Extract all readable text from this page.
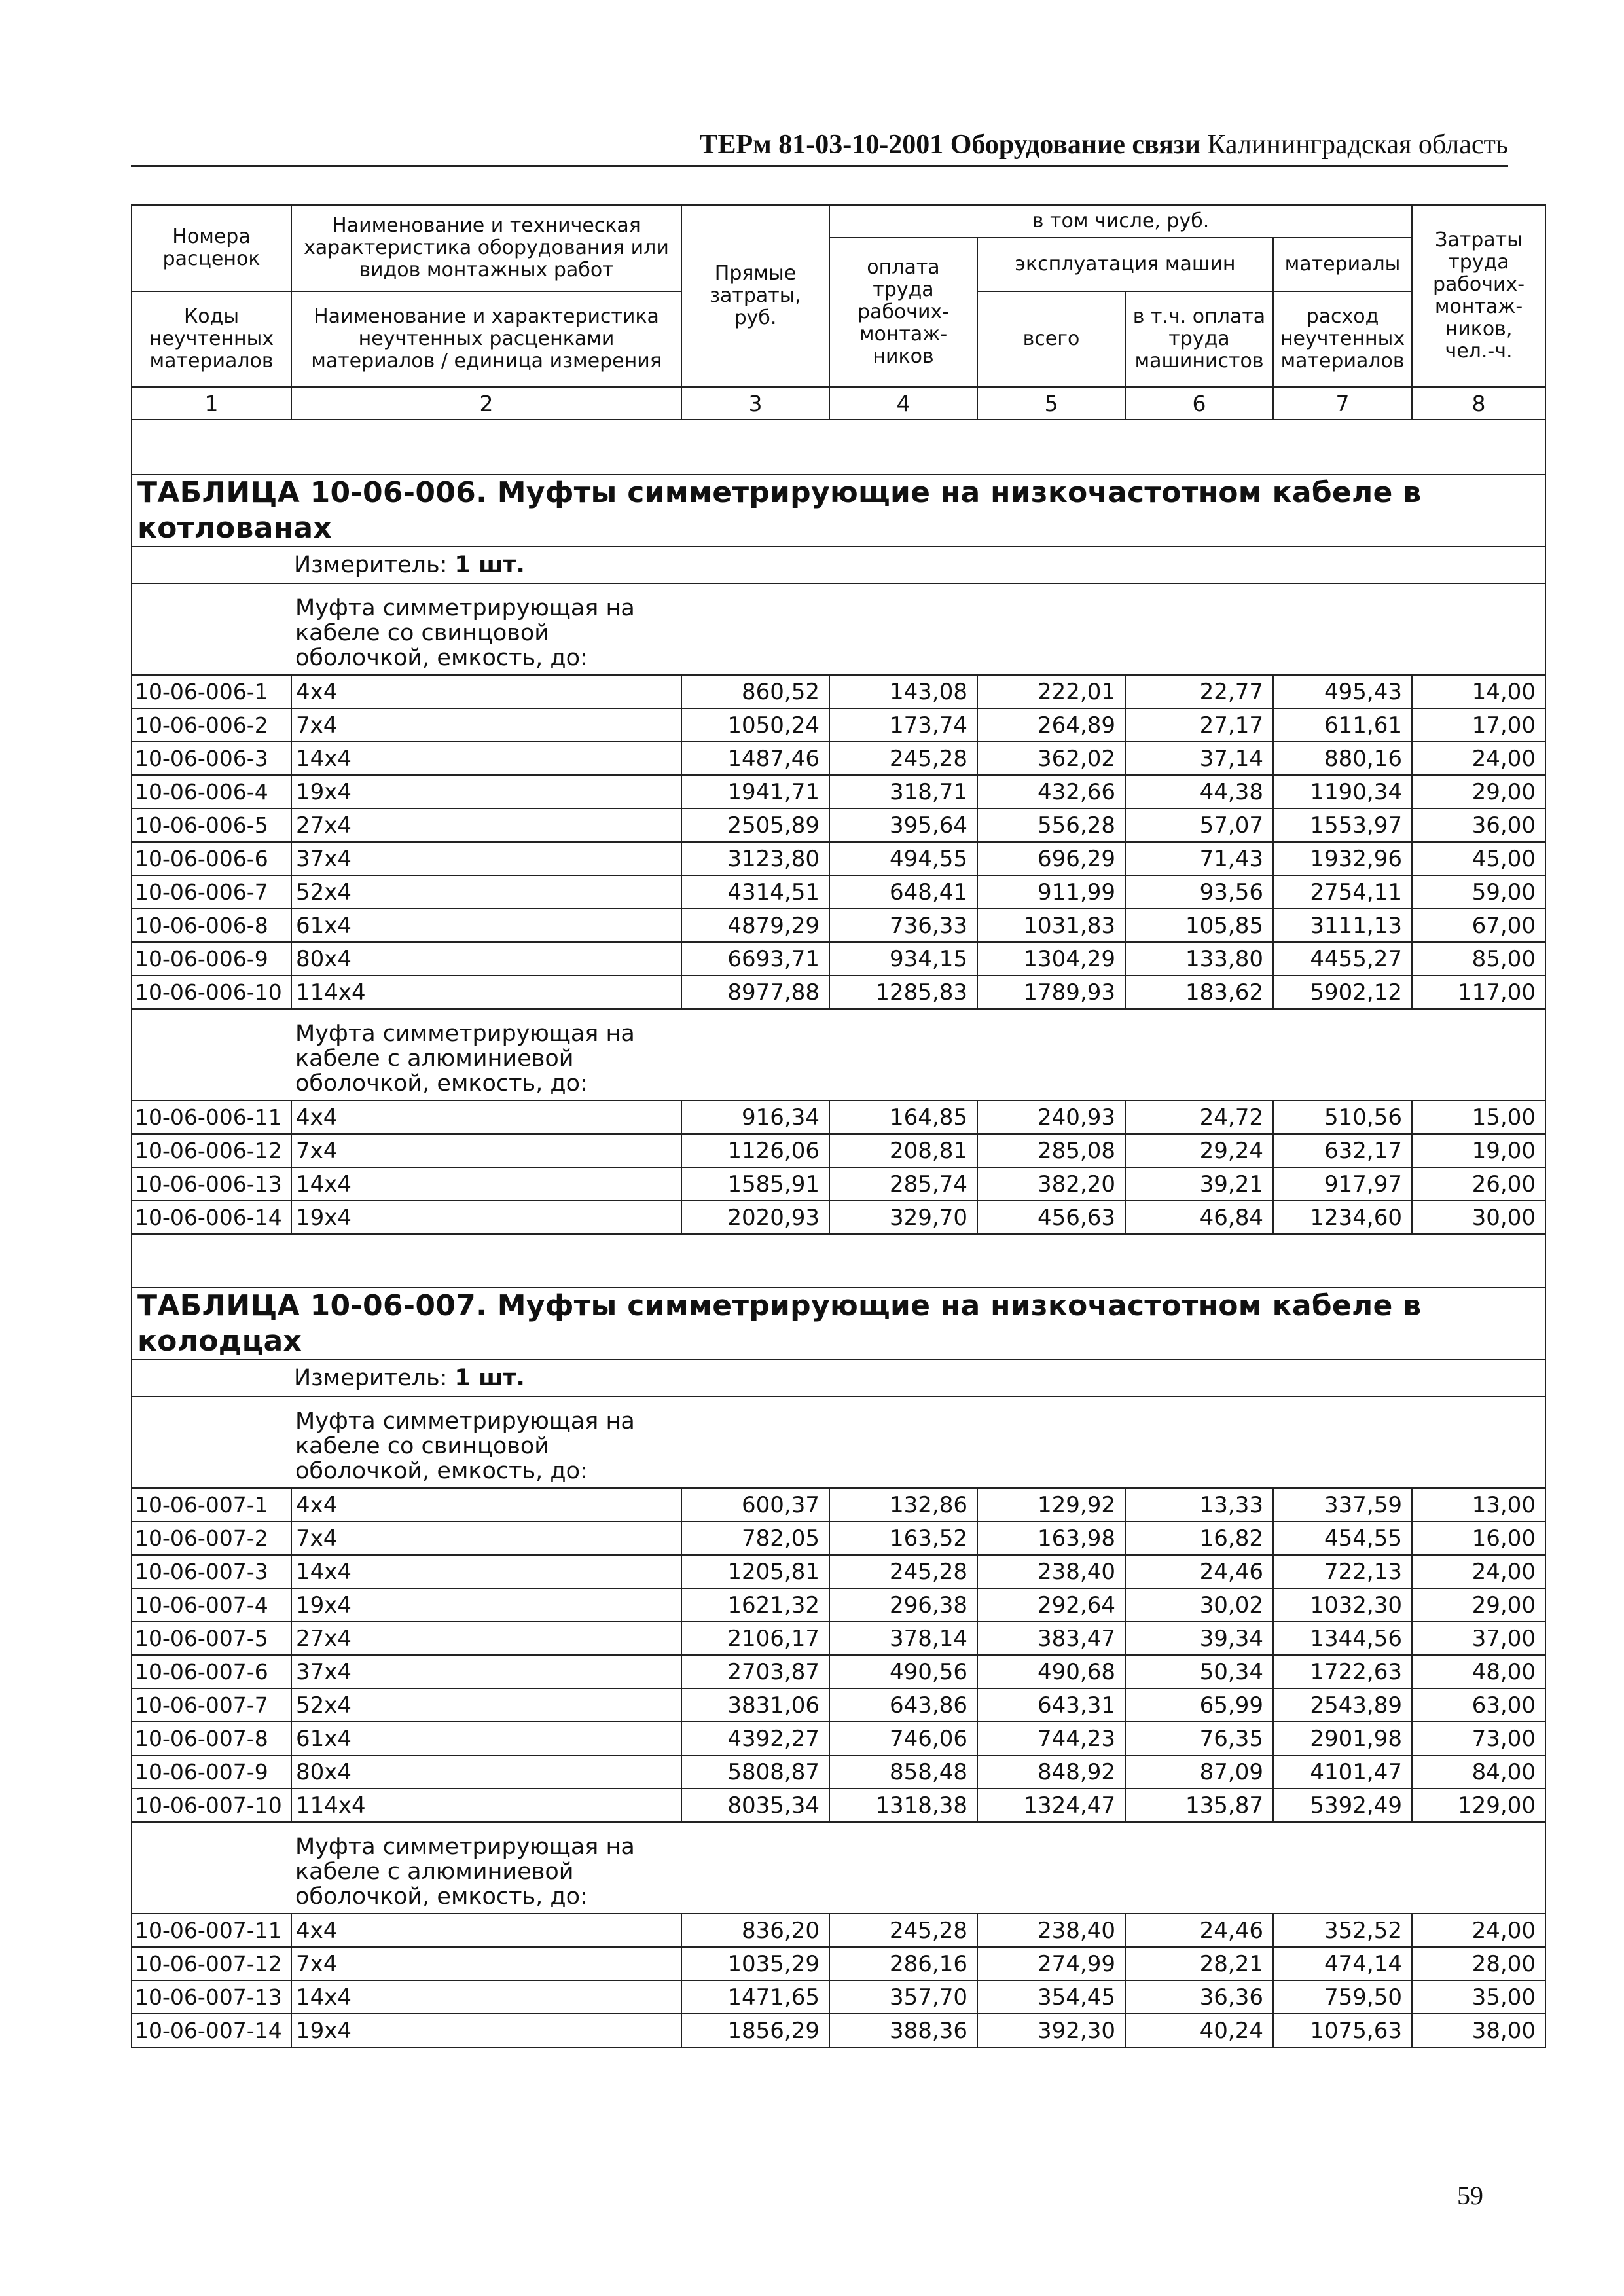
ТЕРм 81-03-10-2001 Оборудование связи Калининградская область
Номера расценок	Наименование и техническая характеристика оборудования или видов монтажных работ	Прямые затраты, руб.	в том числе, руб.				Затраты труда рабочих-монтаж-ников, чел.-ч.
			оплата труда рабочих-монтаж-ников	эксплуатация машин		материалы	
Коды неучтенных материалов	Наименование и характеристика неучтенных расценками материалов / единица измерения			всего	в т.ч. оплата труда машинистов	расход неучтенных материалов	

1	2	3	4	5	6	7	8

ТАБЛИЦА 10-06-006. Муфты симметрирующие на низкочастотном кабеле в котлованах							

	Измеритель: 1 шт.						

	Муфта симметрирующая на кабеле со свинцовой оболочкой, емкость, до:						

10-06-006-1	4x4	860,52	143,08	222,01	22,77	495,43	14,00
10-06-006-2	7x4	1050,24	173,74	264,89	27,17	611,61	17,00
10-06-006-3	14x4	1487,46	245,28	362,02	37,14	880,16	24,00
10-06-006-4	19x4	1941,71	318,71	432,66	44,38	1190,34	29,00
10-06-006-5	27x4	2505,89	395,64	556,28	57,07	1553,97	36,00
10-06-006-6	37x4	3123,80	494,55	696,29	71,43	1932,96	45,00
10-06-006-7	52x4	4314,51	648,41	911,99	93,56	2754,11	59,00
10-06-006-8	61x4	4879,29	736,33	1031,83	105,85	3111,13	67,00
10-06-006-9	80x4	6693,71	934,15	1304,29	133,80	4455,27	85,00
10-06-006-10	114x4	8977,88	1285,83	1789,93	183,62	5902,12	117,00

	Муфта симметрирующая на кабеле с алюминиевой оболочкой, емкость, до:						

10-06-006-11	4x4	916,34	164,85	240,93	24,72	510,56	15,00
10-06-006-12	7x4	1126,06	208,81	285,08	29,24	632,17	19,00
10-06-006-13	14x4	1585,91	285,74	382,20	39,21	917,97	26,00
10-06-006-14	19x4	2020,93	329,70	456,63	46,84	1234,60	30,00

ТАБЛИЦА 10-06-007. Муфты симметрирующие на низкочастотном кабеле в колодцах							

	Измеритель: 1 шт.						

	Муфта симметрирующая на кабеле со свинцовой оболочкой, емкость, до:						

10-06-007-1	4x4	600,37	132,86	129,92	13,33	337,59	13,00
10-06-007-2	7x4	782,05	163,52	163,98	16,82	454,55	16,00
10-06-007-3	14x4	1205,81	245,28	238,40	24,46	722,13	24,00
10-06-007-4	19x4	1621,32	296,38	292,64	30,02	1032,30	29,00
10-06-007-5	27x4	2106,17	378,14	383,47	39,34	1344,56	37,00
10-06-007-6	37x4	2703,87	490,56	490,68	50,34	1722,63	48,00
10-06-007-7	52x4	3831,06	643,86	643,31	65,99	2543,89	63,00
10-06-007-8	61x4	4392,27	746,06	744,23	76,35	2901,98	73,00
10-06-007-9	80x4	5808,87	858,48	848,92	87,09	4101,47	84,00
10-06-007-10	114x4	8035,34	1318,38	1324,47	135,87	5392,49	129,00

	Муфта симметрирующая на кабеле с алюминиевой оболочкой, емкость, до:						

10-06-007-11	4x4	836,20	245,28	238,40	24,46	352,52	24,00
10-06-007-12	7x4	1035,29	286,16	274,99	28,21	474,14	28,00
10-06-007-13	14x4	1471,65	357,70	354,45	36,36	759,50	35,00
10-06-007-14	19x4	1856,29	388,36	392,30	40,24	1075,63	38,00
59
